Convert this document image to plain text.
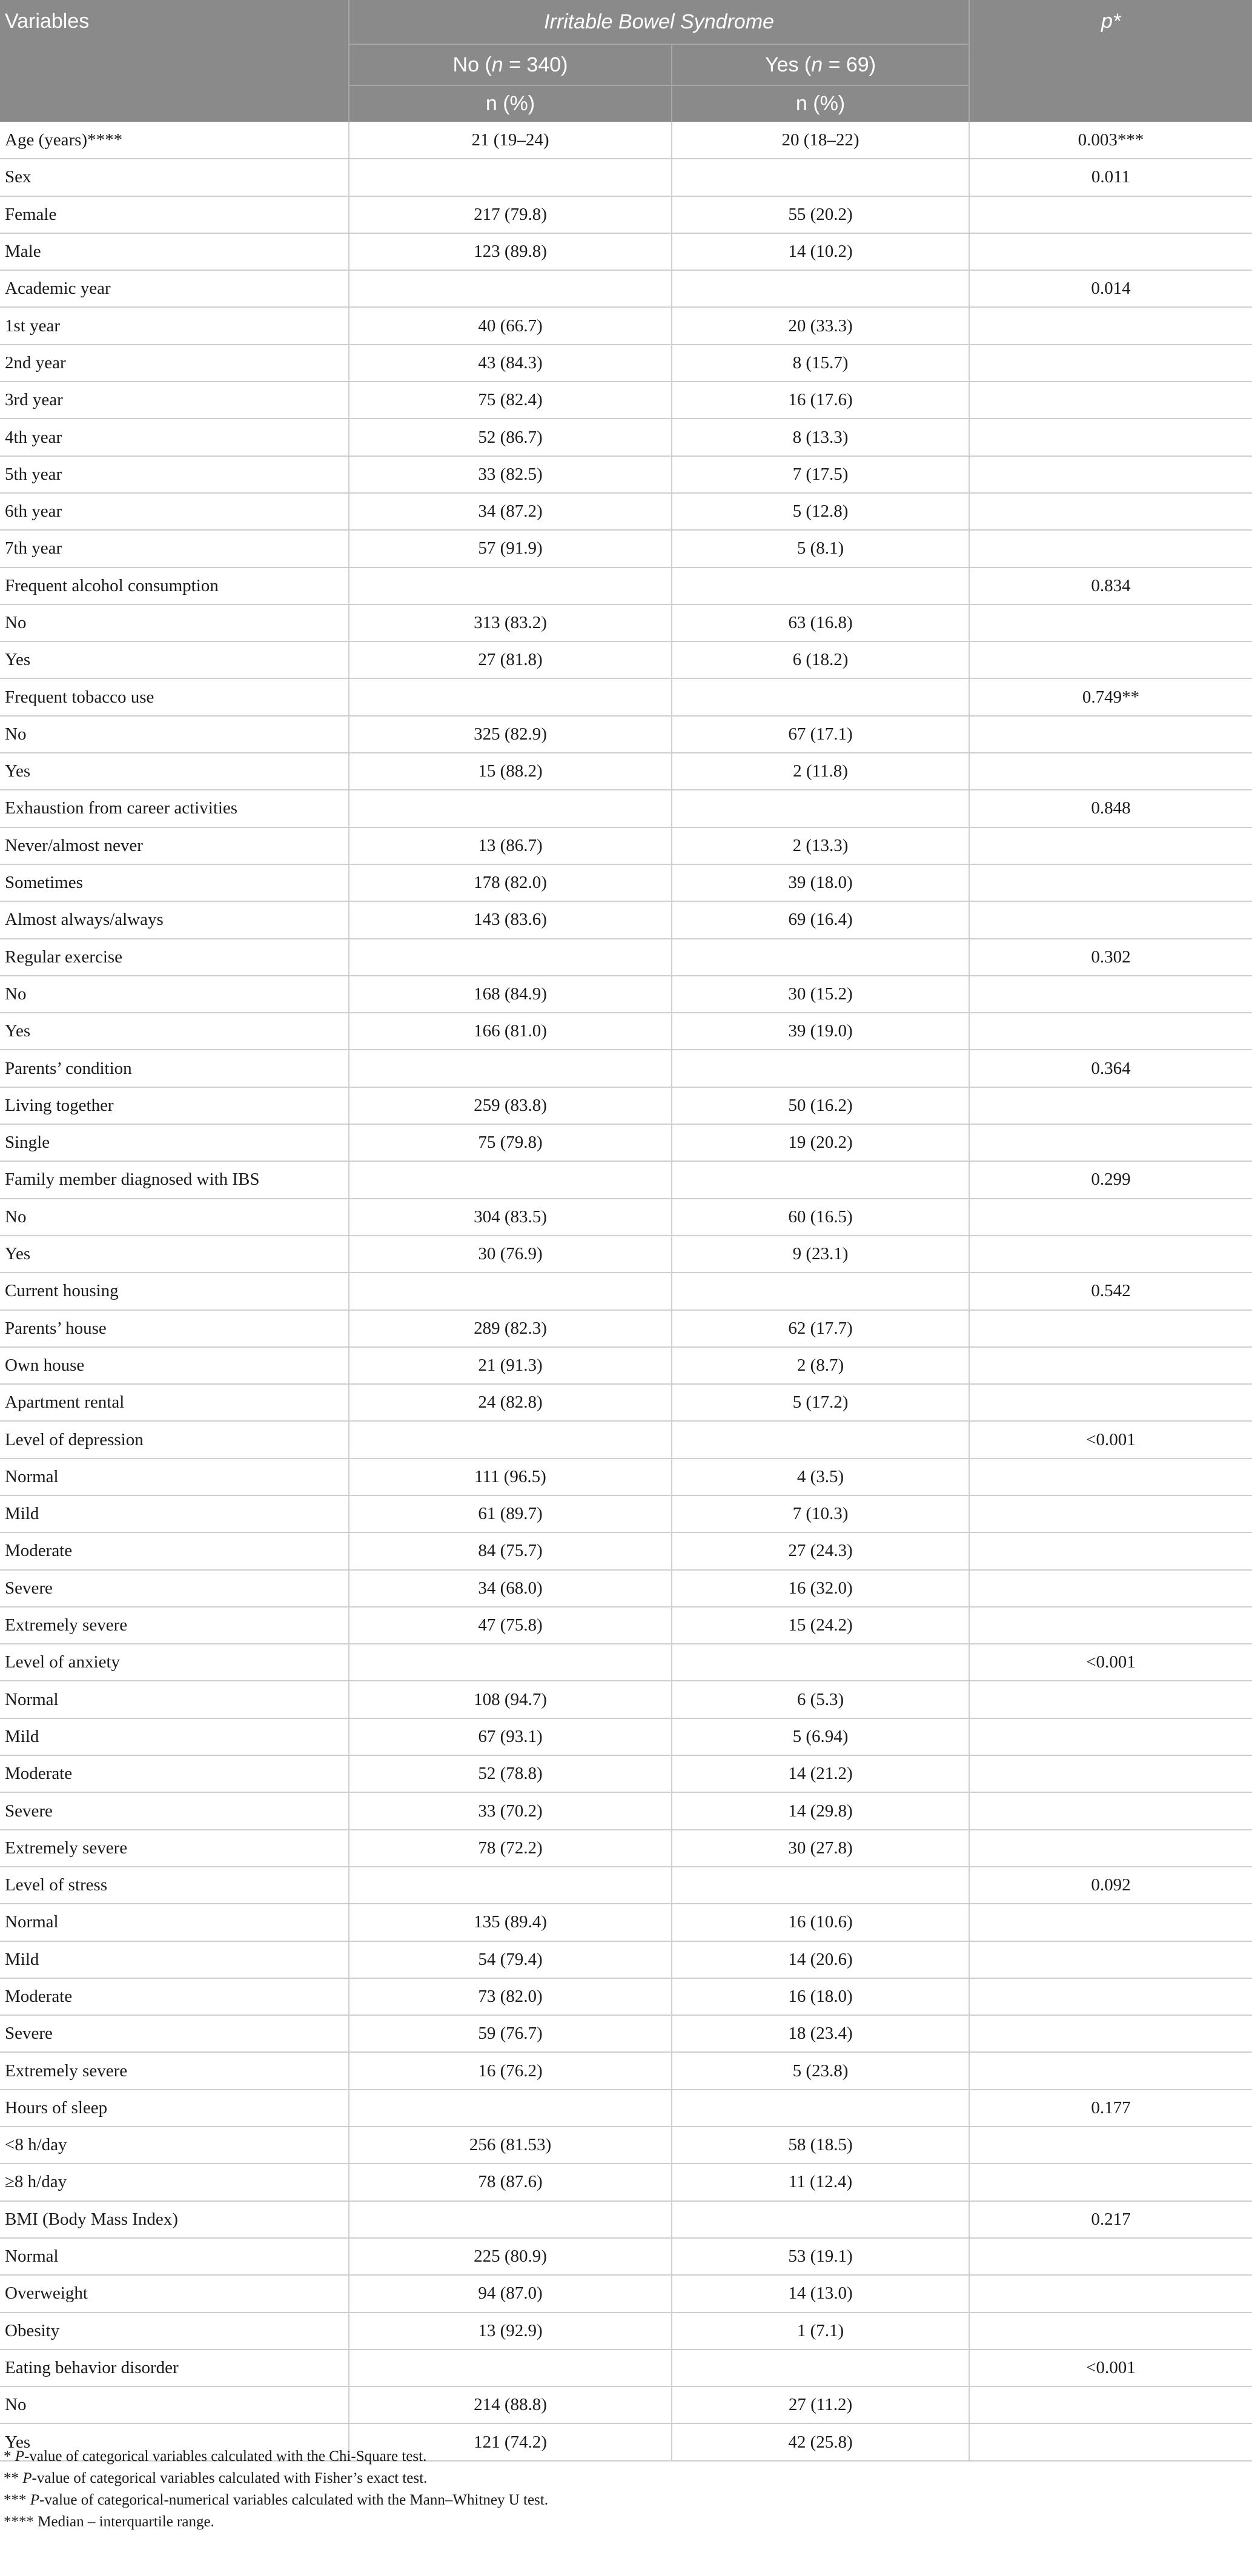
Variables	Irritable Bowel Syndrome		p*
	No (n = 340)	Yes (n = 69)	
	n (%)	n (%)	
Age (years)****	21 (19–24)	20 (18–22)	0.003***
Sex			0.011
Female	217 (79.8)	55 (20.2)	
Male	123 (89.8)	14 (10.2)	
Academic year			0.014
1st year	40 (66.7)	20 (33.3)	
2nd year	43 (84.3)	8 (15.7)	
3rd year	75 (82.4)	16 (17.6)	
4th year	52 (86.7)	8 (13.3)	
5th year	33 (82.5)	7 (17.5)	
6th year	34 (87.2)	5 (12.8)	
7th year	57 (91.9)	5 (8.1)	
Frequent alcohol consumption			0.834
No	313 (83.2)	63 (16.8)	
Yes	27 (81.8)	6 (18.2)	
Frequent tobacco use			0.749**
No	325 (82.9)	67 (17.1)	
Yes	15 (88.2)	2 (11.8)	
Exhaustion from career activities			0.848
Never/almost never	13 (86.7)	2 (13.3)	
Sometimes	178 (82.0)	39 (18.0)	
Almost always/always	143 (83.6)	69 (16.4)	
Regular exercise			0.302
No	168 (84.9)	30 (15.2)	
Yes	166 (81.0)	39 (19.0)	
Parents’ condition			0.364
Living together	259 (83.8)	50 (16.2)	
Single	75 (79.8)	19 (20.2)	
Family member diagnosed with IBS			0.299
No	304 (83.5)	60 (16.5)	
Yes	30 (76.9)	9 (23.1)	
Current housing			0.542
Parents’ house	289 (82.3)	62 (17.7)	
Own house	21 (91.3)	2 (8.7)	
Apartment rental	24 (82.8)	5 (17.2)	
Level of depression			<0.001
Normal	111 (96.5)	4 (3.5)	
Mild	61 (89.7)	7 (10.3)	
Moderate	84 (75.7)	27 (24.3)	
Severe	34 (68.0)	16 (32.0)	
Extremely severe	47 (75.8)	15 (24.2)	
Level of anxiety			<0.001
Normal	108 (94.7)	6 (5.3)	
Mild	67 (93.1)	5 (6.94)	
Moderate	52 (78.8)	14 (21.2)	
Severe	33 (70.2)	14 (29.8)	
Extremely severe	78 (72.2)	30 (27.8)	
Level of stress			0.092
Normal	135 (89.4)	16 (10.6)	
Mild	54 (79.4)	14 (20.6)	
Moderate	73 (82.0)	16 (18.0)	
Severe	59 (76.7)	18 (23.4)	
Extremely severe	16 (76.2)	5 (23.8)	
Hours of sleep			0.177
<8 h/day	256 (81.53)	58 (18.5)	
≥8 h/day	78 (87.6)	11 (12.4)	
BMI (Body Mass Index)			0.217
Normal	225 (80.9)	53 (19.1)	
Overweight	94 (87.0)	14 (13.0)	
Obesity	13 (92.9)	1 (7.1)	
Eating behavior disorder			<0.001
No	214 (88.8)	27 (11.2)	
Yes	121 (74.2)	42 (25.8)	
* P-value of categorical variables calculated with the Chi-Square test.
** P-value of categorical variables calculated with Fisher’s exact test.
*** P-value of categorical-numerical variables calculated with the Mann–Whitney U test.
**** Median – interquartile range.
